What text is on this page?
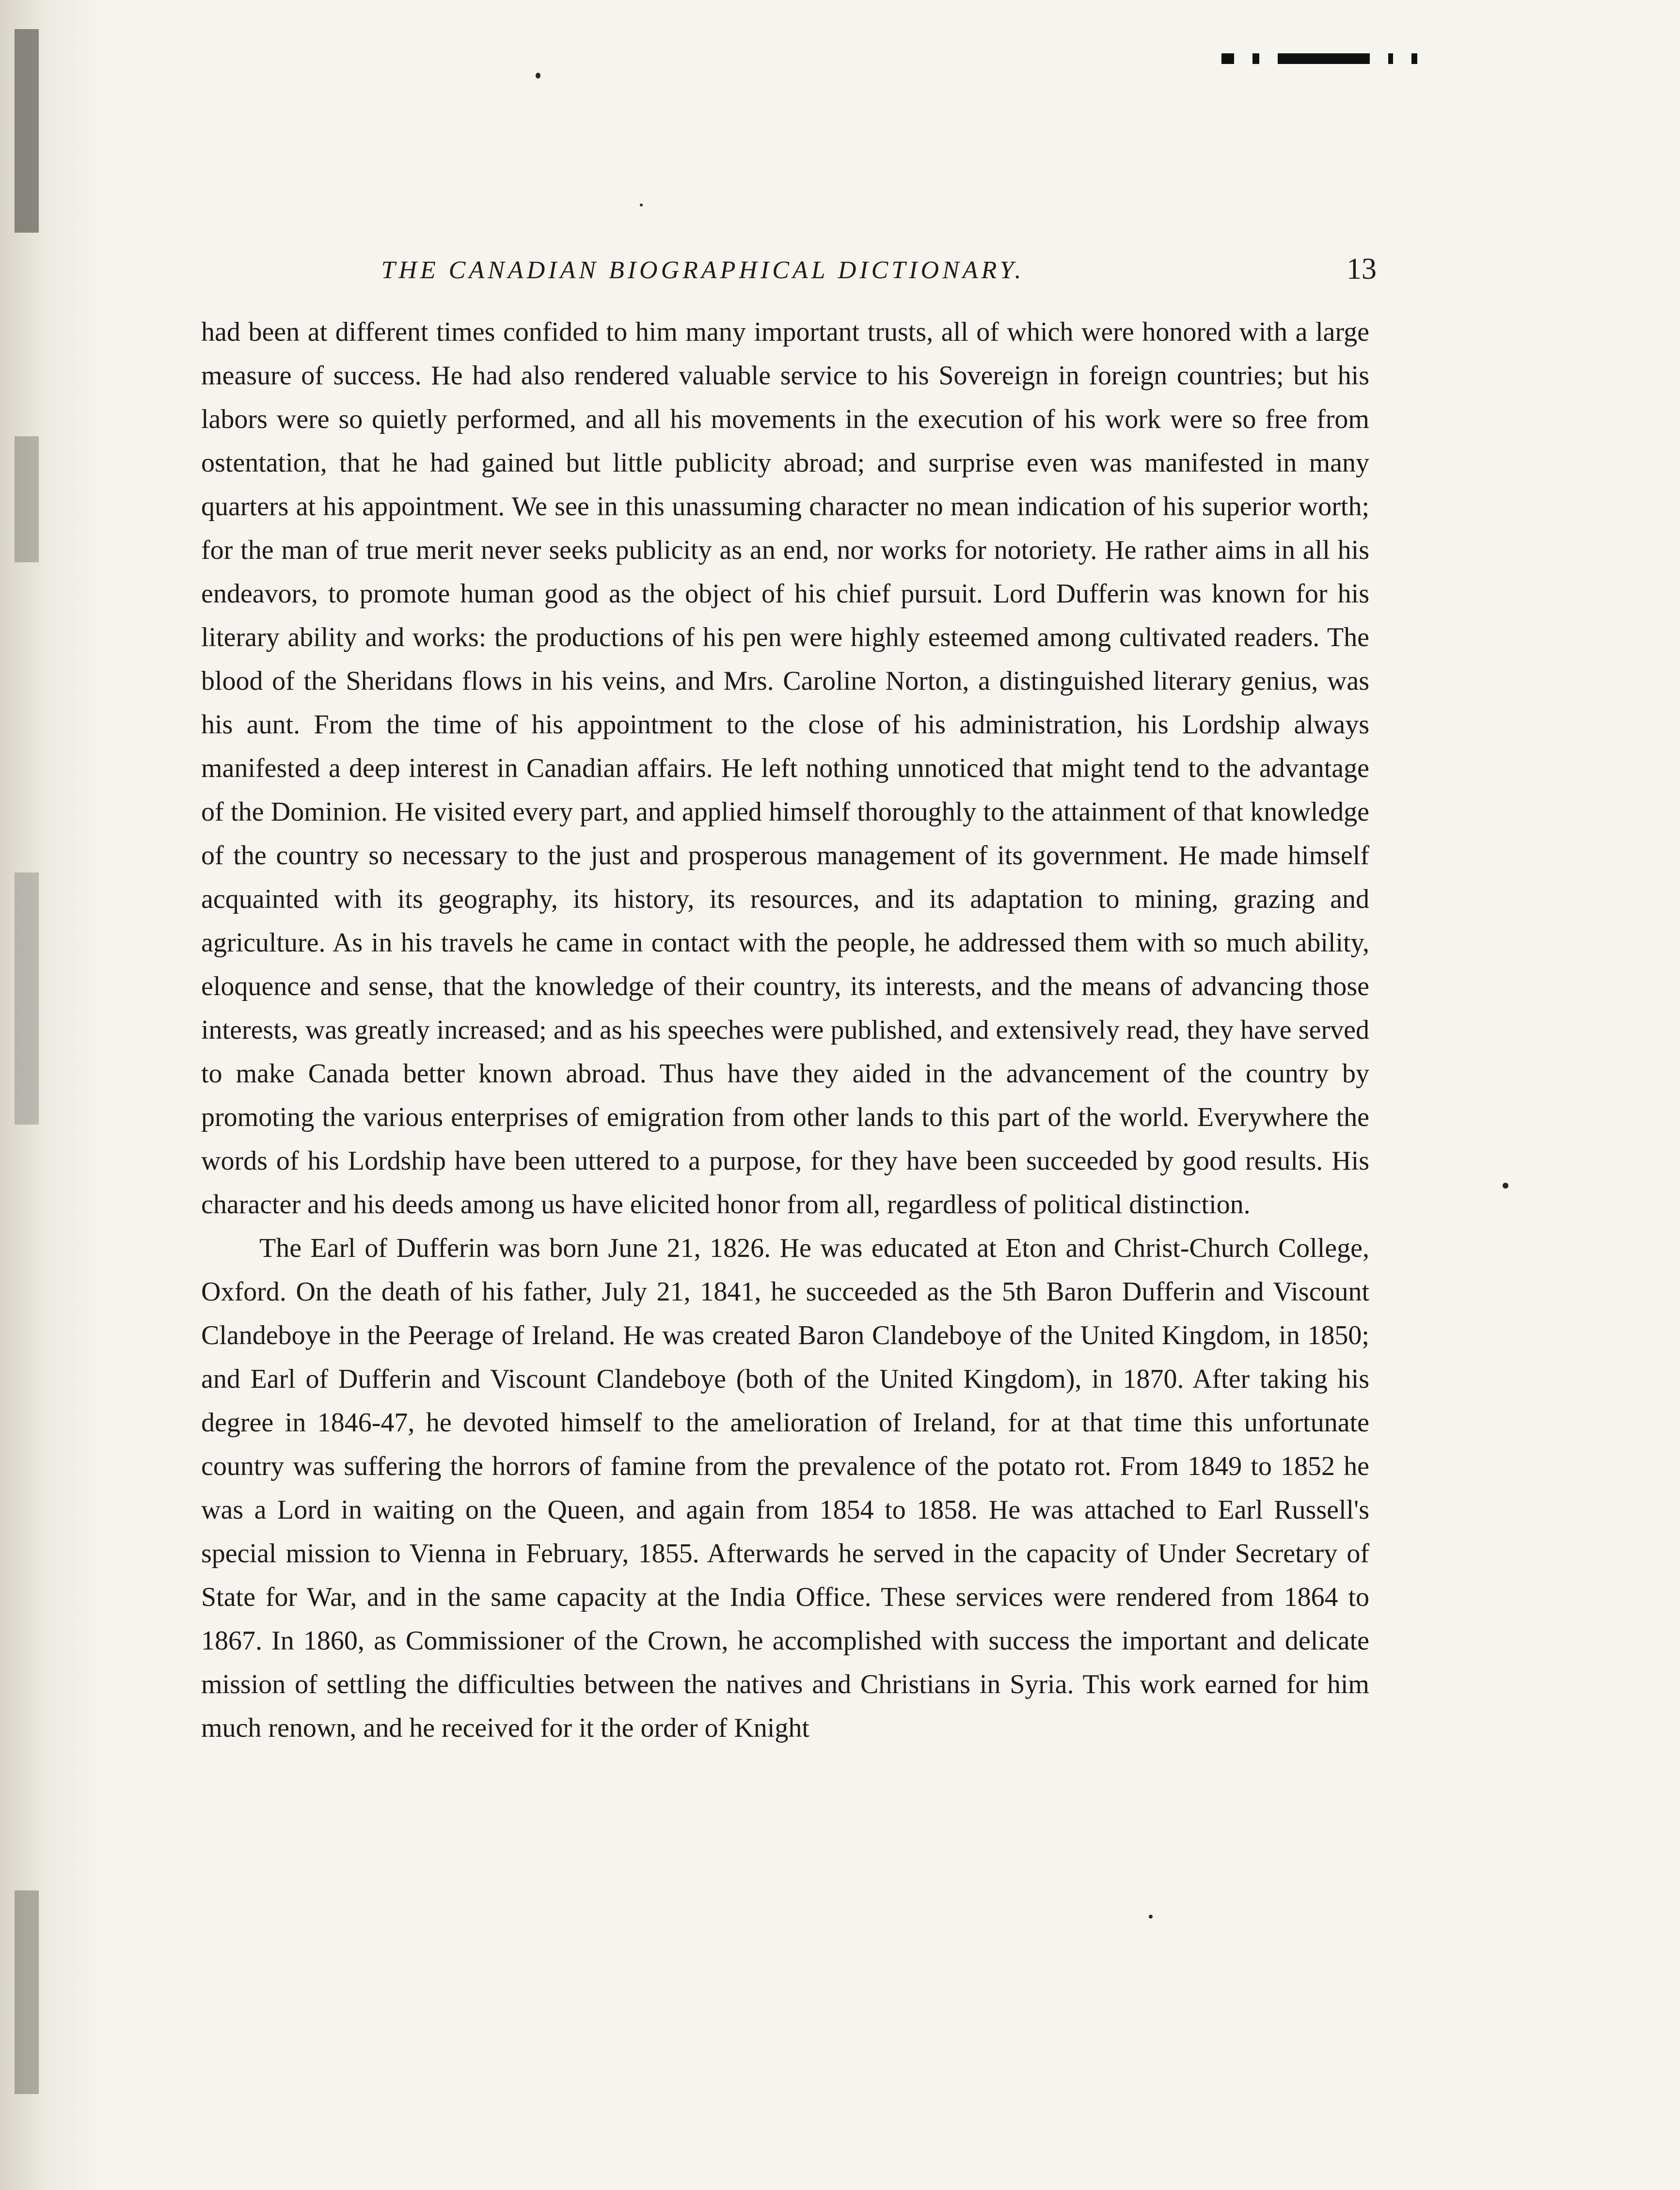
THE CANADIAN BIOGRAPHICAL DICTIONARY.	13

had been at different times confided to him many important trusts, all of which were honored with a large measure of success. He had also rendered valuable service to his Sovereign in foreign countries; but his labors were so quietly performed, and all his movements in the execution of his work were so free from ostentation, that he had gained but little publicity abroad; and surprise even was manifested in many quarters at his appointment. We see in this unassuming character no mean indication of his superior worth; for the man of true merit never seeks publicity as an end, nor works for notoriety. He rather aims in all his endeavors, to promote human good as the object of his chief pursuit. Lord Dufferin was known for his literary ability and works: the productions of his pen were highly esteemed among cultivated readers. The blood of the Sheridans flows in his veins, and Mrs. Caroline Norton, a distinguished literary genius, was his aunt. From the time of his appointment to the close of his administration, his Lordship always manifested a deep interest in Canadian affairs. He left nothing unnoticed that might tend to the advantage of the Dominion. He visited every part, and applied himself thoroughly to the attainment of that knowledge of the country so necessary to the just and prosperous management of its government. He made himself acquainted with its geography, its history, its resources, and its adaptation to mining, grazing and agriculture. As in his travels he came in contact with the people, he addressed them with so much ability, eloquence and sense, that the knowledge of their country, its interests, and the means of advancing those interests, was greatly increased; and as his speeches were published, and extensively read, they have served to make Canada better known abroad. Thus have they aided in the advancement of the country by promoting the various enterprises of emigration from other lands to this part of the world. Everywhere the words of his Lordship have been uttered to a purpose, for they have been succeeded by good results. His character and his deeds among us have elicited honor from all, regardless of political distinction.

The Earl of Dufferin was born June 21, 1826. He was educated at Eton and Christ-Church College, Oxford. On the death of his father, July 21, 1841, he succeeded as the 5th Baron Dufferin and Viscount Clandeboye in the Peerage of Ireland. He was created Baron Clandeboye of the United Kingdom, in 1850; and Earl of Dufferin and Viscount Clandeboye (both of the United Kingdom), in 1870. After taking his degree in 1846-47, he devoted himself to the amelioration of Ireland, for at that time this unfortunate country was suffering the horrors of famine from the prevalence of the potato rot. From 1849 to 1852 he was a Lord in waiting on the Queen, and again from 1854 to 1858. He was attached to Earl Russell's special mission to Vienna in February, 1855. Afterwards he served in the capacity of Under Secretary of State for War, and in the same capacity at the India Office. These services were rendered from 1864 to 1867. In 1860, as Commissioner of the Crown, he accomplished with success the important and delicate mission of settling the difficulties between the natives and Christians in Syria. This work earned for him much renown, and he received for it the order of Knight
